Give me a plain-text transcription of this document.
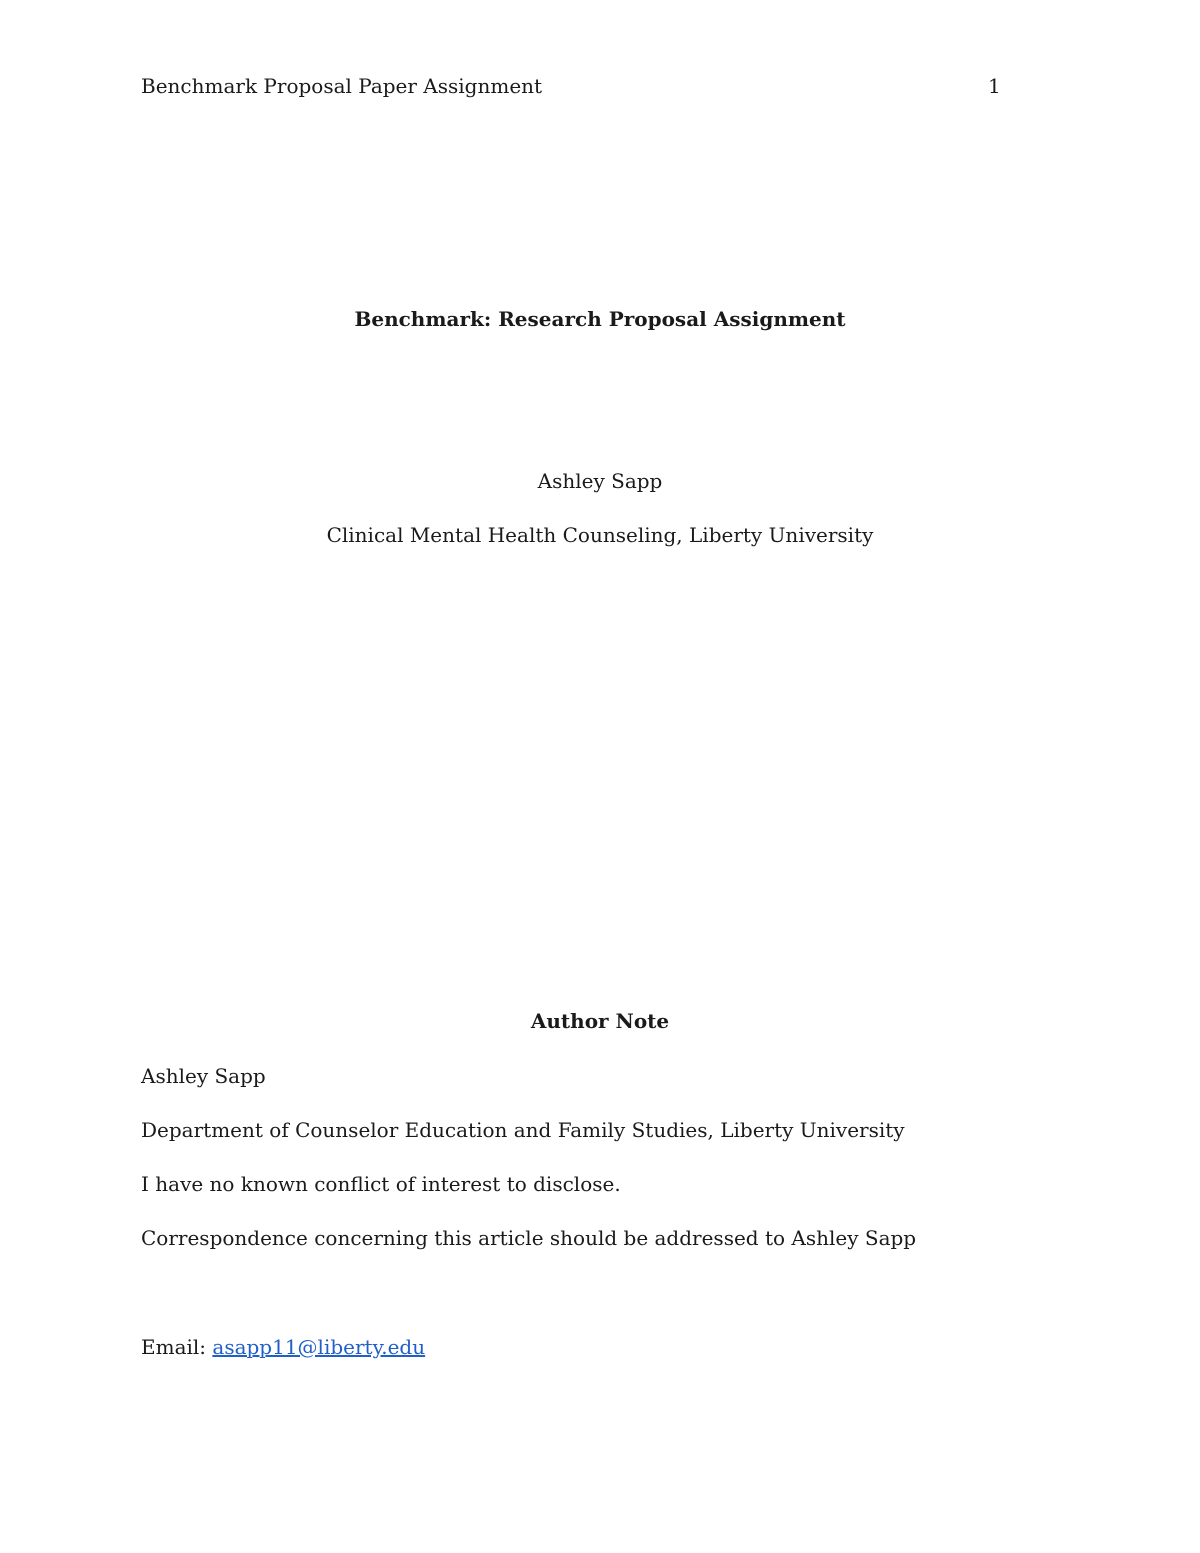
Benchmark Proposal Paper Assignment	1
Benchmark: Research Proposal Assignment
Ashley Sapp
Clinical Mental Health Counseling, Liberty University
Author Note
Ashley Sapp
Department of Counselor Education and Family Studies, Liberty University
I have no known conflict of interest to disclose.
Correspondence concerning this article should be addressed to Ashley Sapp
Email: asapp11@liberty.edu
